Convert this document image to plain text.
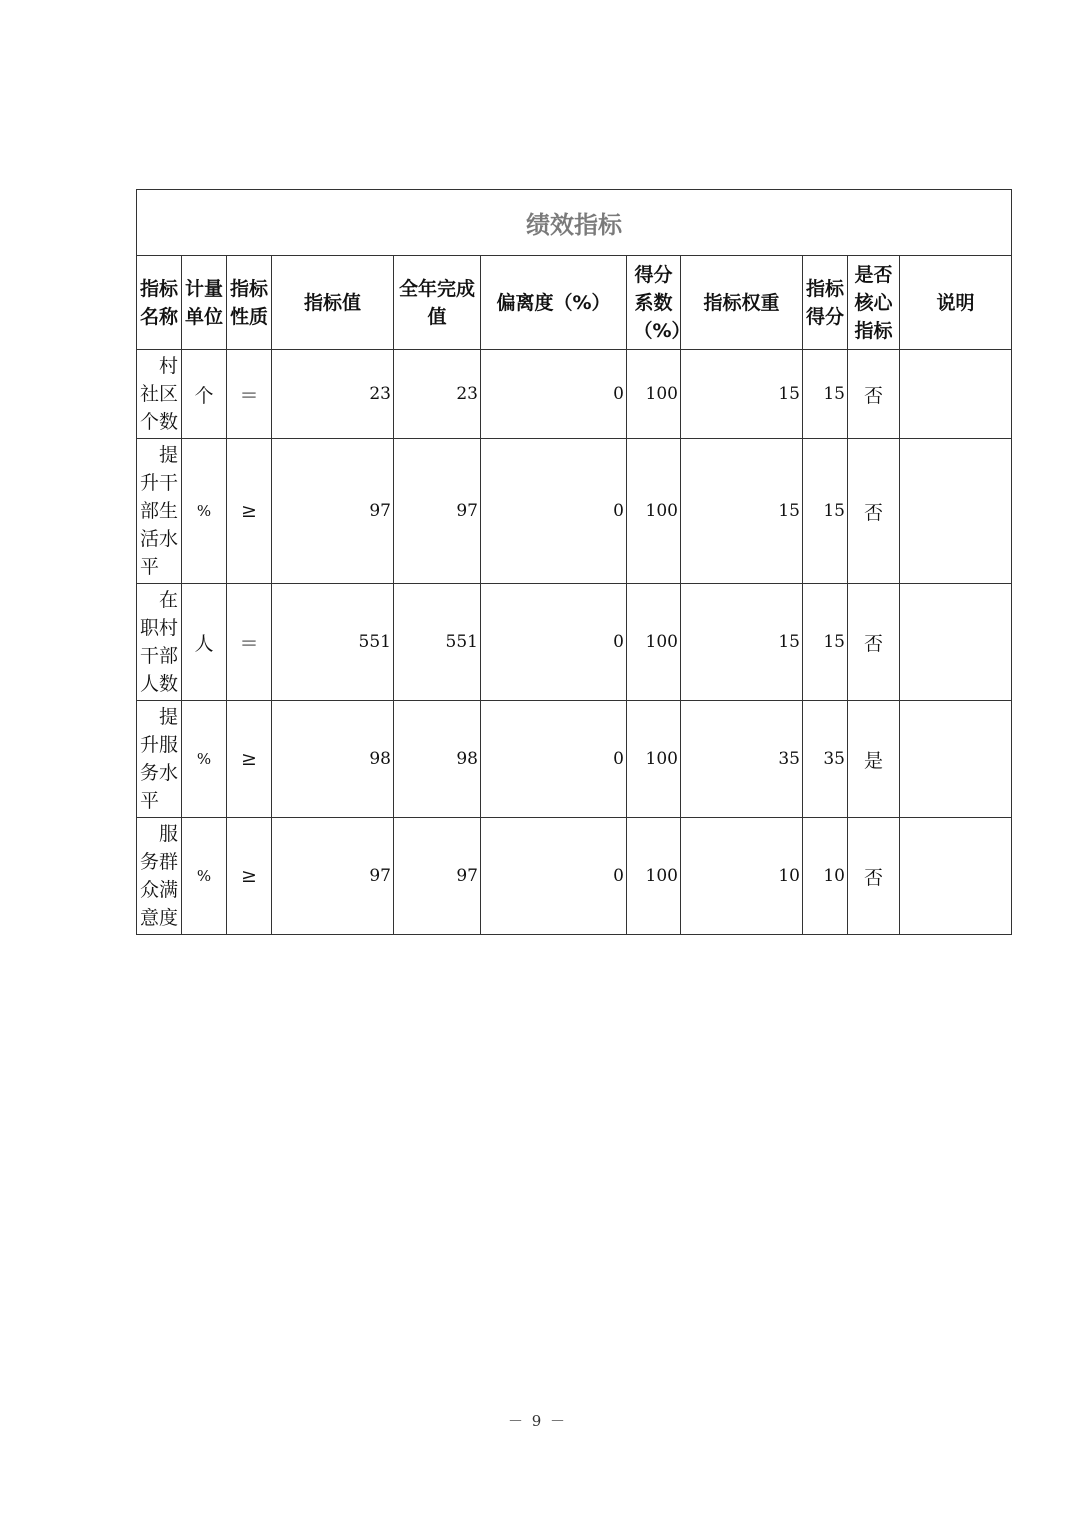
绩效指标										

指标名称	计量单位	指标性质	指标值	全年完成值	偏离度（%）	得分系数（%）	指标权重	指标得分	是否核心指标	说明
村社区个数	个	＝	23	23	0	100	15	15	否	
提升干部生活水平	%	≥	97	97	0	100	15	15	否	
在职村干部人数	人	＝	551	551	0	100	15	15	否	
提升服务水平	%	≥	98	98	0	100	35	35	是	
服务群众满意度	%	≥	97	97	0	100	10	10	否	
－ 9 －
